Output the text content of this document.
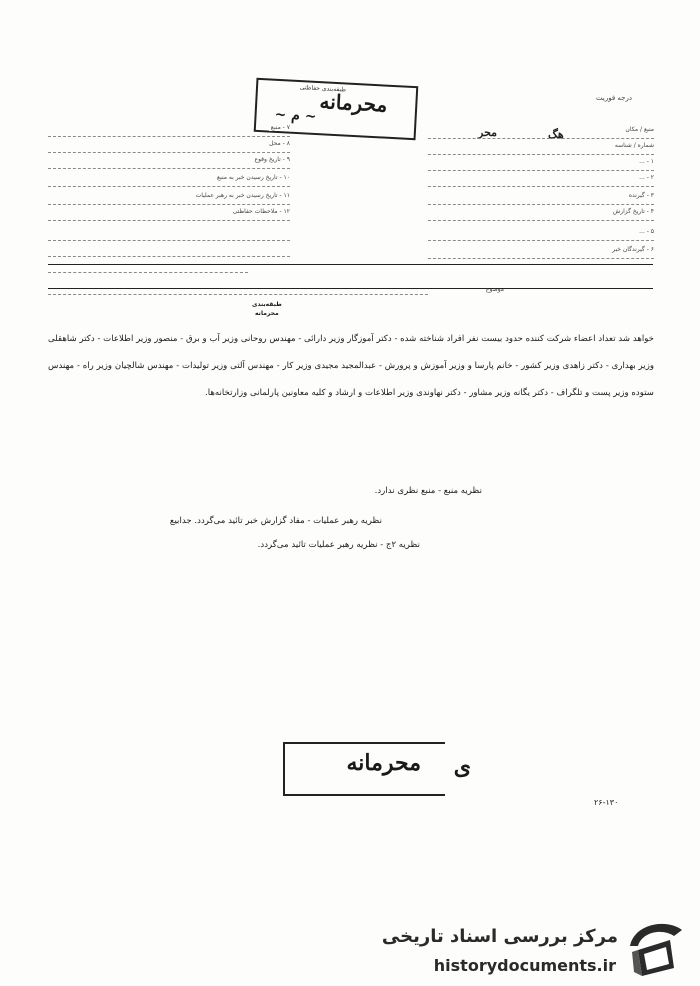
درجه فوریت
طبقه‌بندی حفاظتی
محرمانه
~ ﻡ ~
ﻣﺤﺮ	ﻫﮓ	منبع / مکان
شماره / شناسه
۱ - ...
۲ - ...
۳ - گیرنده
۴ - تاریخ گزارش
۵ - ...
۶ - گیرندگان خبر
۷ - منبع
۸ - محل
۹ - تاریخ وقوع
۱۰ - تاریخ رسیدن خبر به منبع
۱۱ - تاریخ رسیدن خبر به رهبر عملیات
۱۲ - ملاحظات حفاظتی
موضوع
طبقه‌بندی
محرمانه
خواهد شد تعداد اعضاء شرکت کننده حدود بیست نفر افراد شناخته شده - دکتر آموزگار وزیر دارائی - مهندس روحانی وزیر آب و برق - منصور وزیر اطلاعات - دکتر شاهقلی وزیر بهداری - دکتر زاهدی وزیر کشور - خانم پارسا و وزیر آموزش و پرورش - عبدالمجید مجیدی وزیر کار - مهندس آلتی وزیر تولیدات - مهندس شالچیان وزیر راه - مهندس ستوده وزیر پست و تلگراف - دکتر یگانه وزیر مشاور - دکتر نهاوندی وزیر اطلاعات و ارشاد و کلیه معاونین پارلمانی وزارتخانه‌ها.
نظریه منبع - منبع نظری ندارد.
نظریه رهبر عملیات - مفاد گزارش خبر تائید می‌گردد. جدابیع
نظریه ۲ج - نظریه رهبر عملیات تائید می‌گردد.
محرمانه ی
۲۶-۱۳۰
مرکز بررسی اسناد تاریخی
historydocuments.ir
